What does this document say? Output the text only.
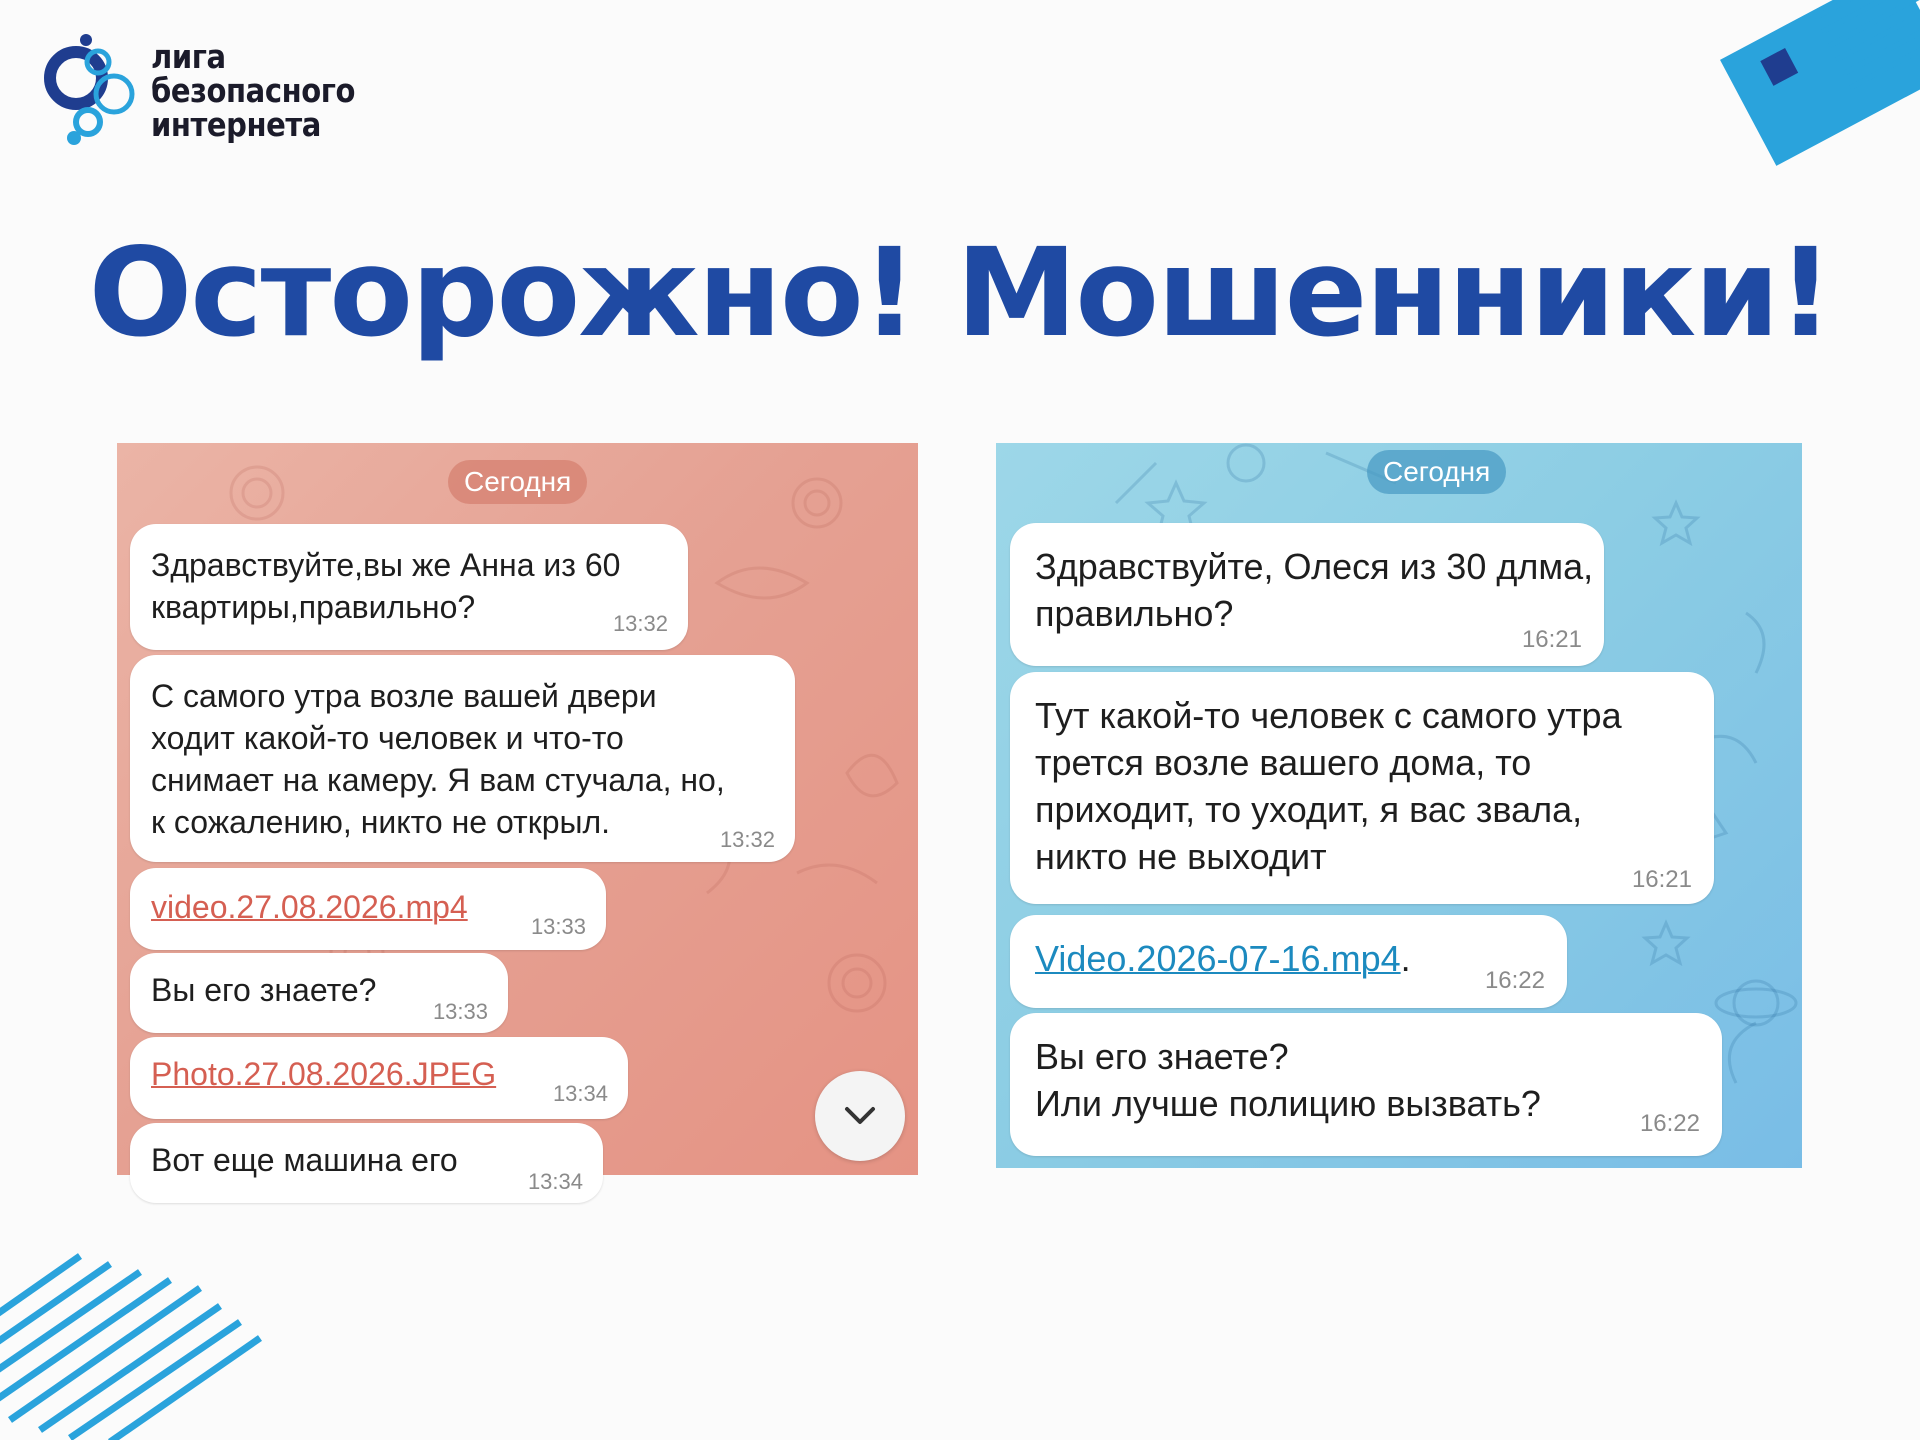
лига
безопасного
интернета
Осторожно! Мошенники!
Сегодня
Здравствуйте,вы же Анна из 60
квартиры,правильно?	13:32
С самого утра возле вашей двери
ходит какой-то человек и что-то
снимает на камеру. Я вам стучала, но,
к сожалению, никто не открыл.	13:32
video.27.08.2026.mp4
13:33
Вы его знаете?
13:33
Photo.27.08.2026.JPEG
13:34
Вот еще машина его
13:34
Сегодня
Здравствуйте, Олеся из 30 длма,
правильно?
16:21
Тут какой-то человек с самого утра
трется возле вашего дома, то
приходит, то уходит, я вас звала,
никто не выходит
16:21
Video.2026-07-16.mp4.
16:22
Вы его знаете?
Или лучше полицию вызвать?	16:22
